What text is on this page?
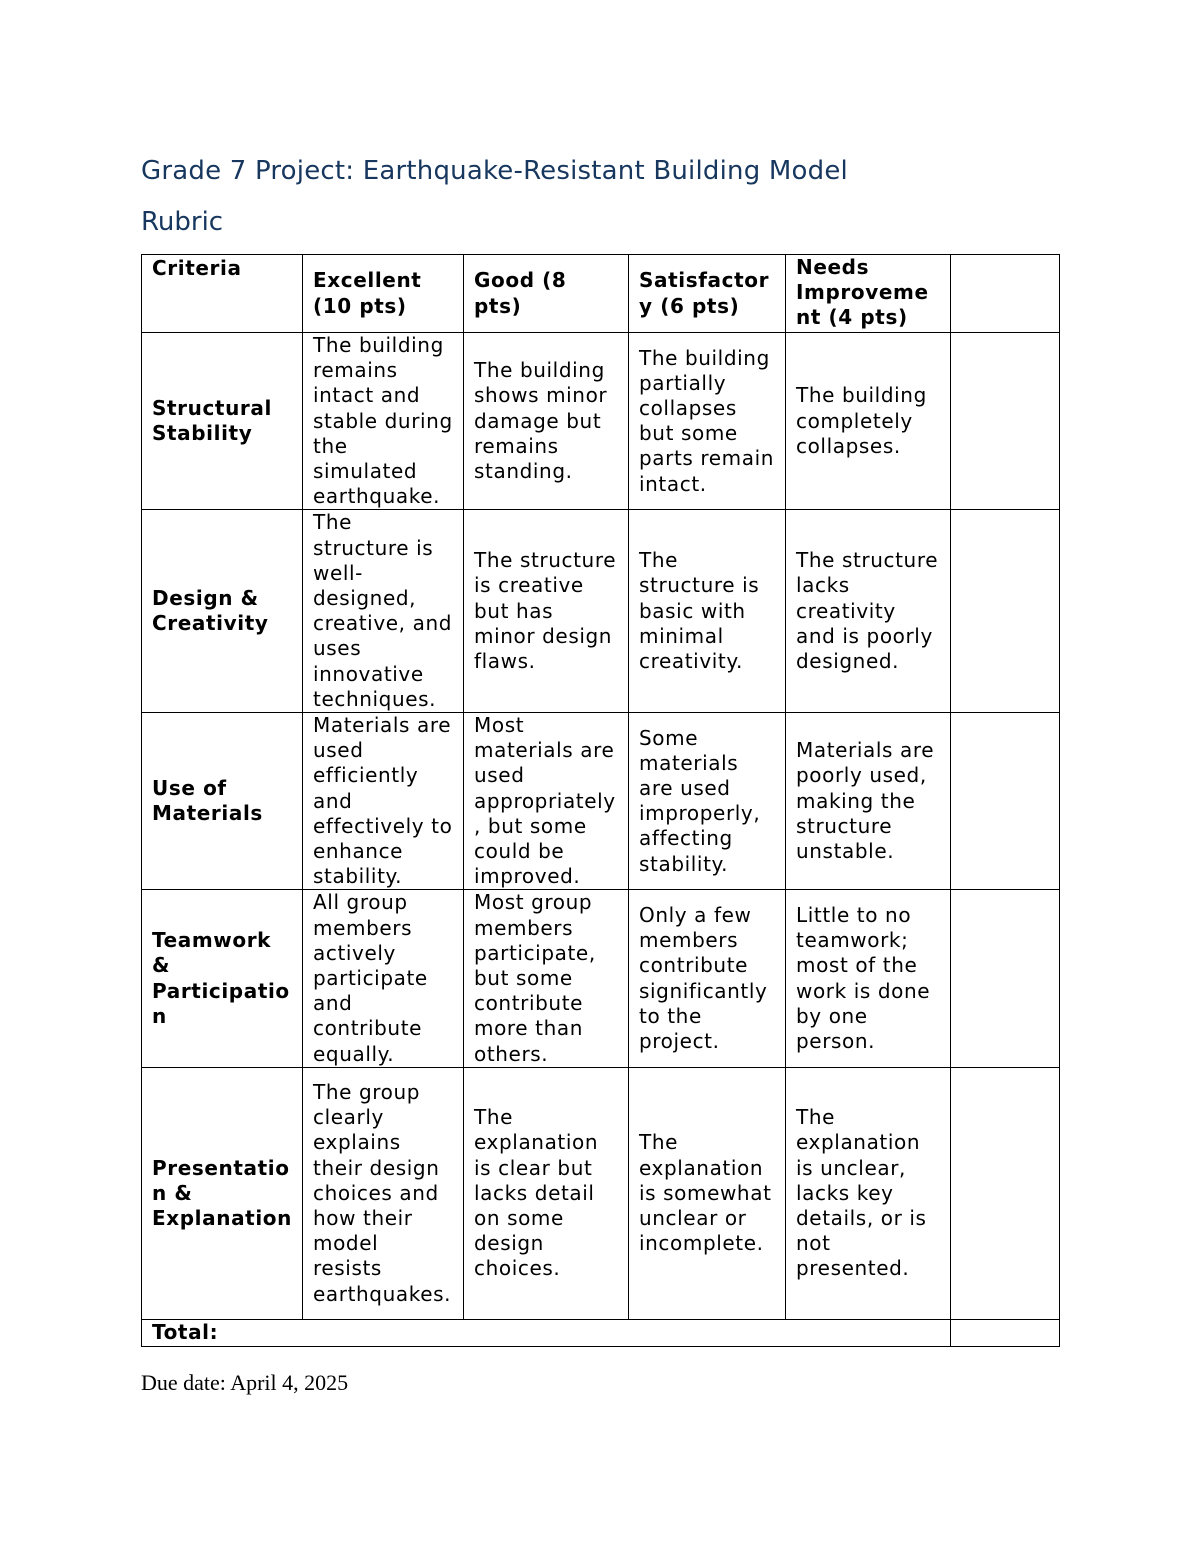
Grade 7 Project: Earthquake-Resistant Building Model
Rubric
Criteria	Excellent (10 pts)	Good (8 pts)	Satisfactory (6 pts)	Needs Improvement (4 pts)	
Structural Stability	The building remains intact and stable during the simulated earthquake.	The building shows minor damage but remains standing.	The building partially collapses but some parts remain intact.	The building completely collapses.	
Design & Creativity	The structure is well-designed, creative, and uses innovative techniques.	The structure is creative but has minor design flaws.	The structure is basic with minimal creativity.	The structure lacks creativity and is poorly designed.	
Use of Materials	Materials are used efficiently and effectively to enhance stability.	Most materials are used appropriately, but some could be improved.	Some materials are used improperly, affecting stability.	Materials are poorly used, making the structure unstable.	
Teamwork & Participation	All group members actively participate and contribute equally.	Most group members participate, but some contribute more than others.	Only a few members contribute significantly to the project.	Little to no teamwork; most of the work is done by one person.	
Presentation & Explanation	The group clearly explains their design choices and how their model resists earthquakes.	The explanation is clear but lacks detail on some design choices.	The explanation is somewhat unclear or incomplete.	The explanation is unclear, lacks key details, or is not presented.	
Total:					
Due date: April 4, 2025
